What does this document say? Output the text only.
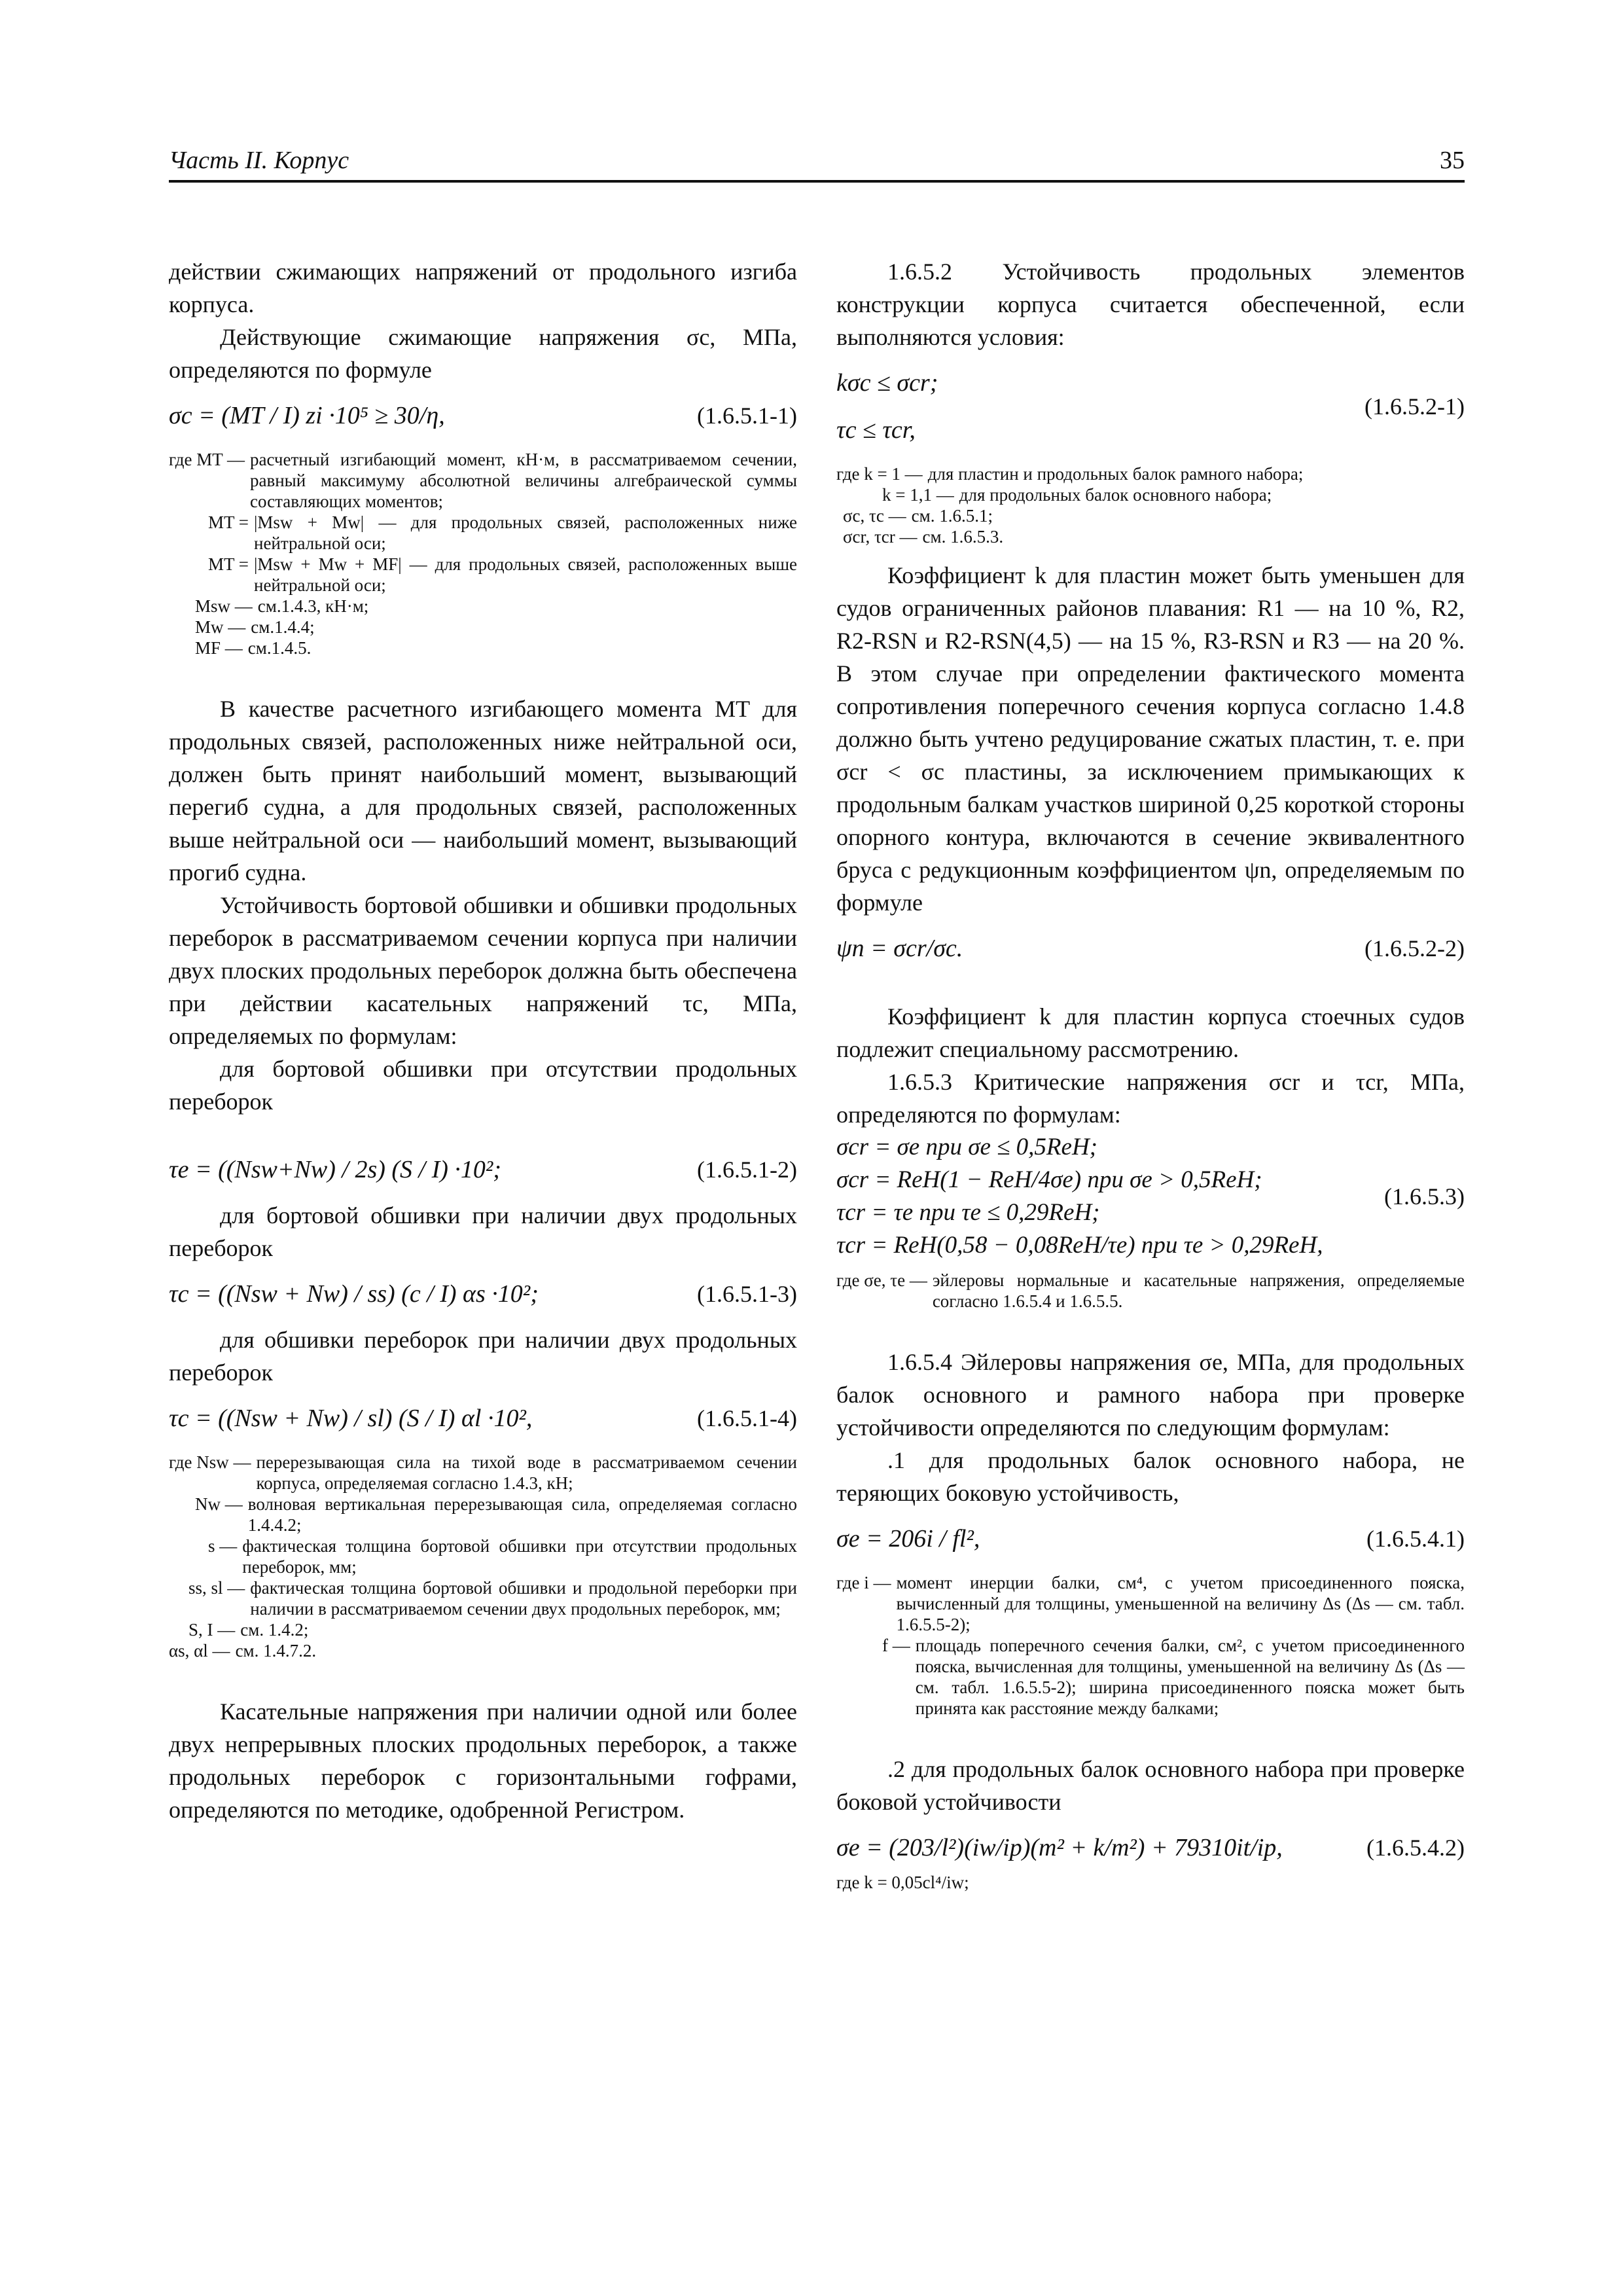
Часть II. Корпус	35

действии сжимающих напряжений от продольного изгиба корпуса.

Действующие сжимающие напряжения σc, МПа, определяются по формуле

σc = (MT / I) zi ·10⁵ ≥ 30/η,	(1.6.5.1-1)
где MT — расчетный изгибающий момент, кН·м, в рассматриваемом сечении, равный максимуму абсолютной величины алгебраической суммы составляющих моментов;
MT = |Msw + Mw| — для продольных связей, расположенных ниже нейтральной оси;
MT = |Msw + Mw + MF| — для продольных связей, расположенных выше нейтральной оси;
Msw — см.1.4.3, кН·м;
Mw — см.1.4.4;
MF — см.1.4.5.

В качестве расчетного изгибающего момента MT для продольных связей, расположенных ниже нейтральной оси, должен быть принят наибольший момент, вызывающий перегиб судна, а для продольных связей, расположенных выше нейтральной оси — наибольший момент, вызывающий прогиб судна.

Устойчивость бортовой обшивки и обшивки продольных переборок в рассматриваемом сечении корпуса при наличии двух плоских продольных переборок должна быть обеспечена при действии касательных напряжений τc, МПа, определяемых по формулам:

для бортовой обшивки при отсутствии продольных переборок

τe = ((Nsw+Nw) / 2s) (S / I) ·10²;	(1.6.5.1-2)

для бортовой обшивки при наличии двух продольных переборок

τc = ((Nsw + Nw) / ss) (c / I) αs ·10²;	(1.6.5.1-3)

для обшивки переборок при наличии двух продольных переборок

τc = ((Nsw + Nw) / sl) (S / I) αl ·10²,	(1.6.5.1-4)
где Nsw — перерезывающая сила на тихой воде в рассматриваемом сечении корпуса, определяемая согласно 1.4.3, кН;
Nw — волновая вертикальная перерезывающая сила, определяемая согласно 1.4.4.2;
s — фактическая толщина бортовой обшивки при отсутствии продольных переборок, мм;
ss, sl — фактическая толщина бортовой обшивки и продольной переборки при наличии в рассматриваемом сечении двух продольных переборок, мм;
S, I — см. 1.4.2;
αs, αl — см. 1.4.7.2.

Касательные напряжения при наличии одной или более двух непрерывных плоских продольных переборок, а также продольных переборок с горизонтальными гофрами, определяются по методике, одобренной Регистром.

1.6.5.2 Устойчивость продольных элементов конструкции корпуса считается обеспеченной, если выполняются условия:

kσc ≤ σcr;
τc ≤ τcr,
(1.6.5.2-1)
где k = 1 — для пластин и продольных балок рамного набора;
k = 1,1 — для продольных балок основного набора;
σc, τc — см. 1.6.5.1;
σcr, τcr — см. 1.6.5.3.

Коэффициент k для пластин может быть уменьшен для судов ограниченных районов плавания: R1 — на 10 %, R2, R2-RSN и R2-RSN(4,5) — на 15 %, R3-RSN и R3 — на 20 %. В этом случае при определении фактического момента сопротивления поперечного сечения корпуса согласно 1.4.8 должно быть учтено редуцирование сжатых пластин, т. е. при σcr < σc пластины, за исключением примыкающих к продольным балкам участков шириной 0,25 короткой стороны опорного контура, включаются в сечение эквивалентного бруса с редукционным коэффициентом ψn, определяемым по формуле

ψn = σcr/σc.	(1.6.5.2-2)

Коэффициент k для пластин корпуса стоечных судов подлежит специальному рассмотрению.

1.6.5.3 Критические напряжения σcr и τcr, МПа, определяются по формулам:

σcr = σe при σe ≤ 0,5ReH;
σcr = ReH(1 − ReH/4σe) при σe > 0,5ReH;
τcr = τe при τe ≤ 0,29ReH;
τcr = ReH(0,58 − 0,08ReH/τe) при τe > 0,29ReH,
(1.6.5.3)
где σe, τe — эйлеровы нормальные и касательные напряжения, определяемые согласно 1.6.5.4 и 1.6.5.5.

1.6.5.4 Эйлеровы напряжения σe, МПа, для продольных балок основного и рамного набора при проверке устойчивости определяются по следующим формулам:

.1 для продольных балок основного набора, не теряющих боковую устойчивость,

σe = 206i / fl²,	(1.6.5.4.1)
где i — момент инерции балки, см⁴, с учетом присоединенного пояска, вычисленный для толщины, уменьшенной на величину Δs (Δs — см. табл. 1.6.5.5-2);
f — площадь поперечного сечения балки, см², с учетом присоединенного пояска, вычисленная для толщины, уменьшенной на величину Δs (Δs — см. табл. 1.6.5.5-2); ширина присоединенного пояска может быть принята как расстояние между балками;

.2 для продольных балок основного набора при проверке боковой устойчивости

σe = (203/l²)(iw/ip)(m² + k/m²) + 79310it/ip,	(1.6.5.4.2)
где k = 0,05cl⁴/iw;
